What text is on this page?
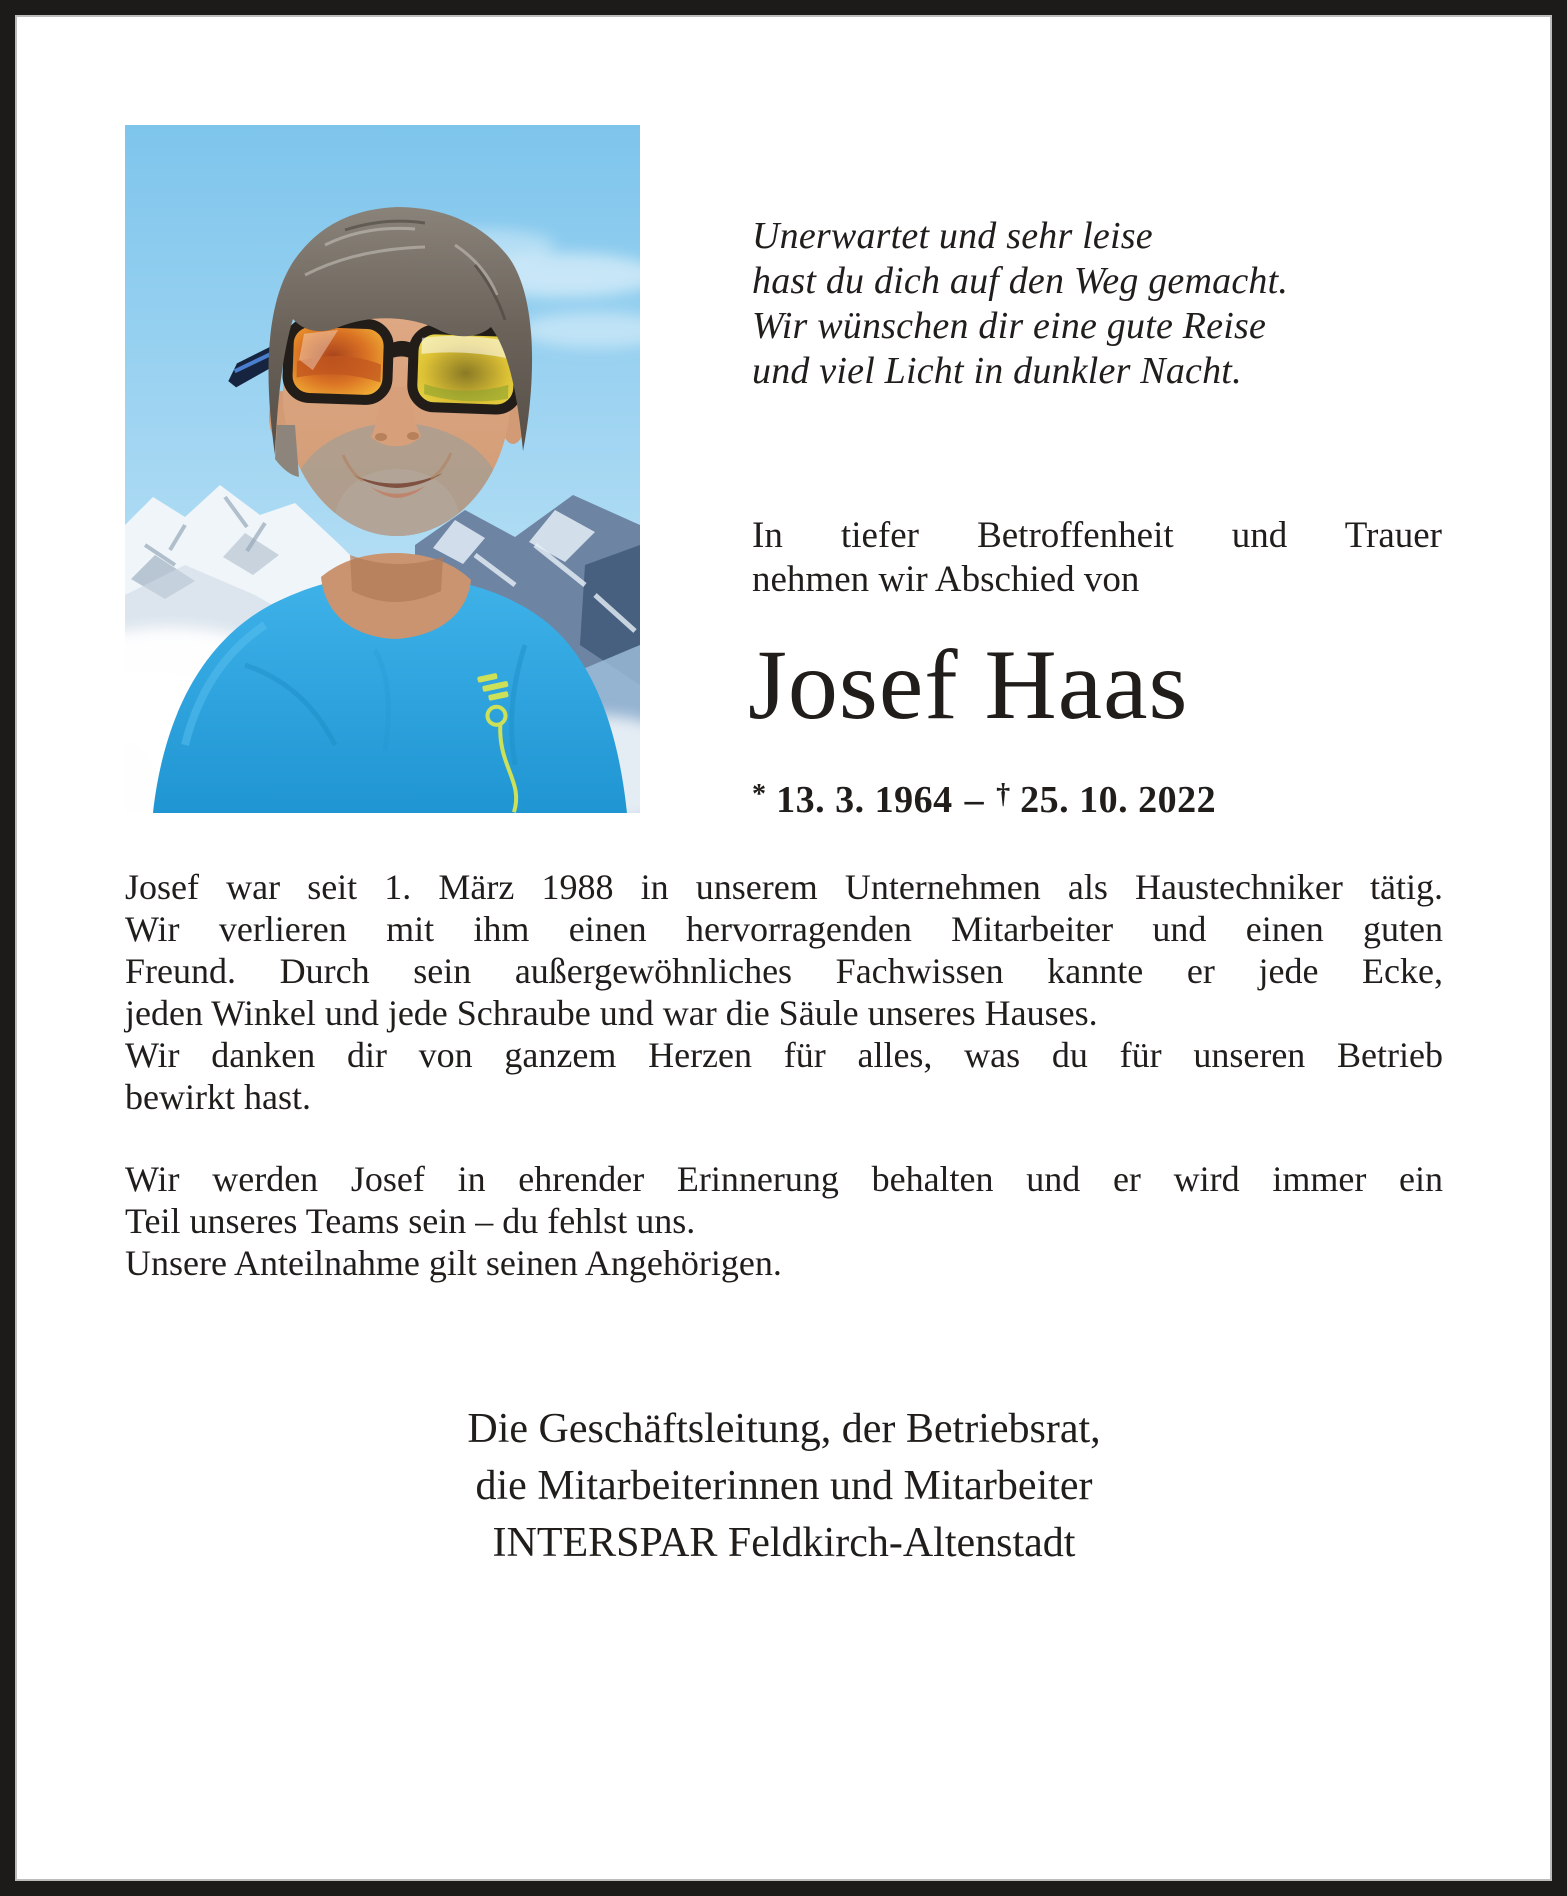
Unerwartet und sehr leise
hast du dich auf den Weg gemacht.
Wir wünschen dir eine gute Reise
und viel Licht in dunkler Nacht.
In tiefer Betroffenheit und Trauer
nehmen wir Abschied von
Josef Haas
* 13. 3. 1964 – † 25. 10. 2022
Josef war seit 1. März 1988 in unserem Unternehmen als Haustechniker tätig.
Wir verlieren mit ihm einen hervorragenden Mitarbeiter und einen guten
Freund. Durch sein außergewöhnliches Fachwissen kannte er jede Ecke,
jeden Winkel und jede Schraube und war die Säule unseres Hauses.
Wir danken dir von ganzem Herzen für alles, was du für unseren Betrieb
bewirkt hast.
Wir werden Josef in ehrender Erinnerung behalten und er wird immer ein
Teil unseres Teams sein – du fehlst uns.
Unsere Anteilnahme gilt seinen Angehörigen.
Die Geschäftsleitung, der Betriebsrat,
die Mitarbeiterinnen und Mitarbeiter
INTERSPAR Feldkirch-Altenstadt
